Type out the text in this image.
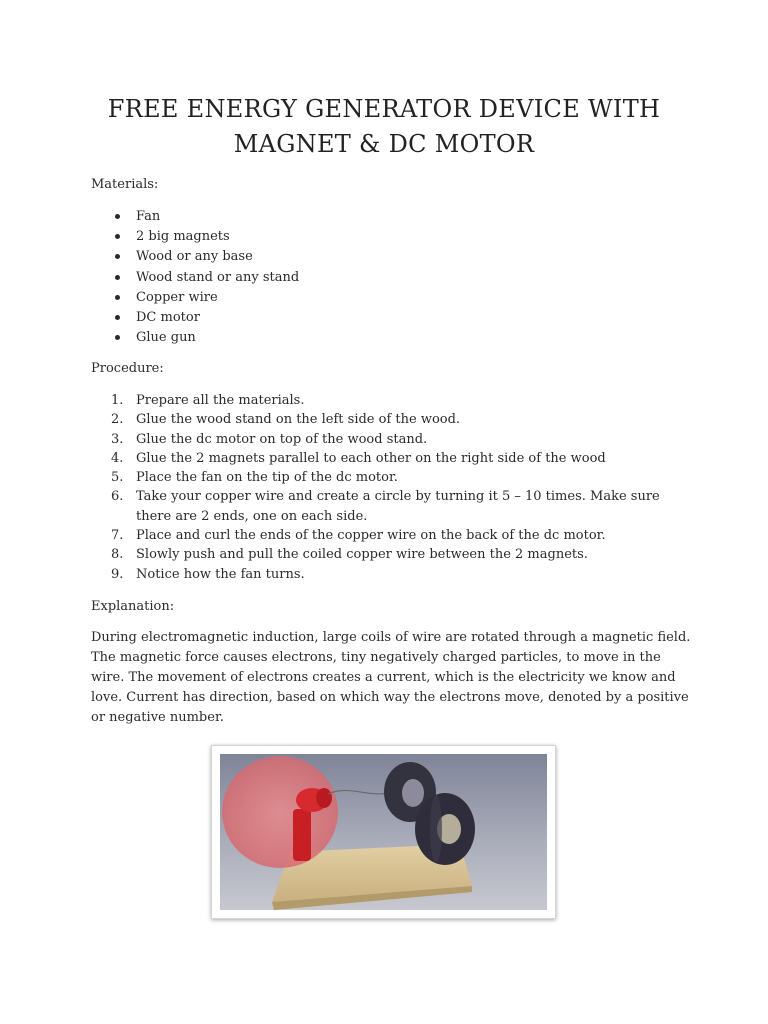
FREE ENERGY GENERATOR DEVICE WITH
MAGNET & DC MOTOR

Materials:

Fan
2 big magnets
Wood or any base
Wood stand or any stand
Copper wire
DC motor
Glue gun

Procedure:

1. Prepare all the materials.
2. Glue the wood stand on the left side of the wood.
3. Glue the dc motor on top of the wood stand.
4. Glue the 2 magnets parallel to each other on the right side of the wood
5. Place the fan on the tip of the dc motor.
6. Take your copper wire and create a circle by turning it 5 – 10 times. Make sure there are 2 ends, one on each side.
7. Place and curl the ends of the copper wire on the back of the dc motor.
8. Slowly push and pull the coiled copper wire between the 2 magnets.
9. Notice how the fan turns.

Explanation:

During electromagnetic induction, large coils of wire are rotated through a magnetic field. The magnetic force causes electrons, tiny negatively charged particles, to move in the wire. The movement of electrons creates a current, which is the electricity we know and love. Current has direction, based on which way the electrons move, denoted by a positive or negative number.
